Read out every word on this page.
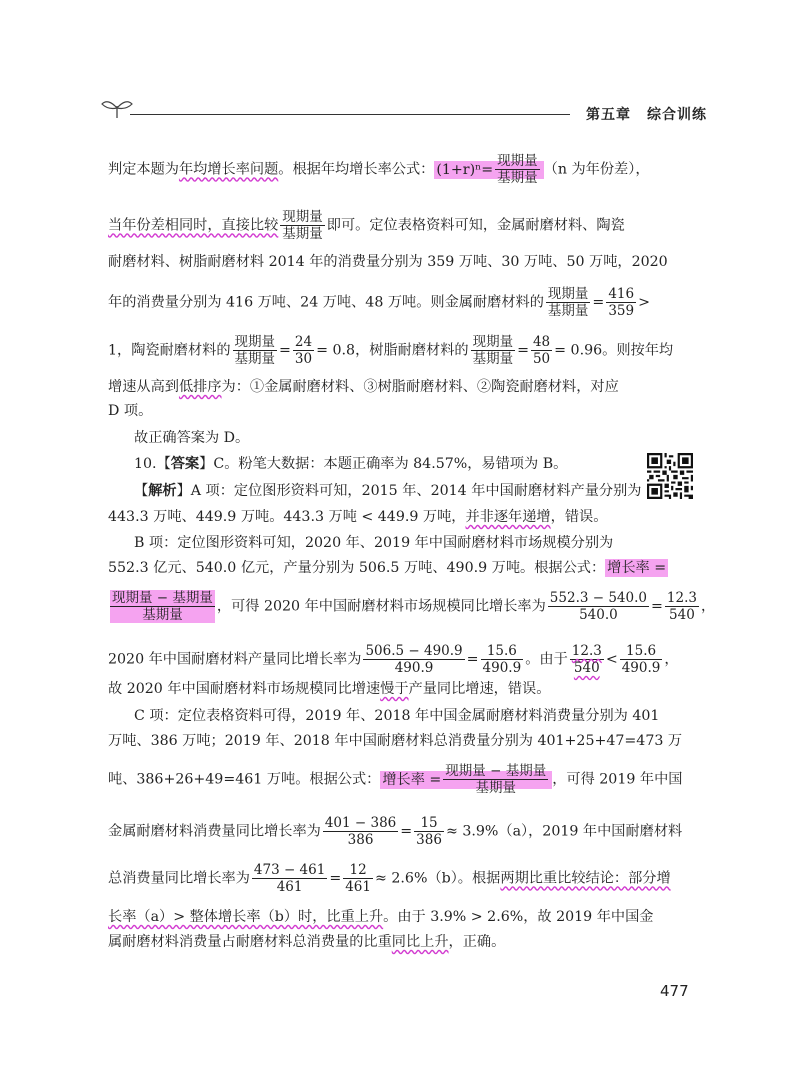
第五章 综合训练
判定本题为年均增长率问题。根据年均增长率公式： $(1+r)^n= \frac{\text{现期量}}{\text{基期量}} (n$ 为年份差），
当年份差相同时，直接比较 $\frac{\text{现期量}}{\text{基期量}}$ 即可。定位表格资料可知，金属耐磨材料、陶瓷
耐磨材料、树脂耐磨材料 2014 年的消费量分别为 359 万吨、30 万吨、50 万吨，2020
年的消费量分别为 416 万吨、24 万吨、48 万吨。则金属耐磨材料的 $\frac{\text{现期量}}{\text{基期量}} = \frac{416}{359}$ >
1，陶瓷耐磨材料的 $\frac{\text{现期量}}{\text{基期量}} = \frac{24}{30} = 0.8$，树脂耐磨材料的 $\frac{\text{现期量}}{\text{基期量}} = \frac{48}{50} = 0.96$。则按年均
增速从高到低排序为：①金属耐磨材料、③树脂耐磨材料、②陶瓷耐磨材料，对应
D 项。
故正确答案为 D。
10.【答案】C。粉笔大数据：本题正确率为 84.57%，易错项为 B。
【解析】A 项：定位图形资料可知，2015 年、2014 年中国耐磨材料产量分别为
443.3 万吨、449.9 万吨。443.3 万吨 < 449.9 万吨，并非逐年递增，错误。
B 项：定位图形资料可知，2020 年、2019 年中国耐磨材料市场规模分别为
552.3 亿元、540.0 亿元，产量分别为 506.5 万吨、490.9 万吨。根据公式： 增长率 =
$\frac{\text{现期量 − 基期量}}{\text{基期量}}$ ，可得 2020 年中国耐磨材料市场规模同比增长率为 $\frac{552.3 - 540.0}{540.0} = \frac{12.3}{540}$ ，
2020 年中国耐磨材料产量同比增长率为 $\frac{506.5 - 490.9}{490.9} = \frac{15.6}{490.9}$ 。由于 $\frac{12.3}{540} < \frac{15.6}{490.9}$ ，
故 2020 年中国耐磨材料市场规模同比增速慢于产量同比增速，错误。
C 项：定位表格资料可得，2019 年、2018 年中国金属耐磨材料消费量分别为 401
万吨、386 万吨；2019 年、2018 年中国耐磨材料总消费量分别为 401+25+47=473 万
吨、386+26+49=461 万吨。根据公式： 增长率 = $\frac{\text{现期量 − 基期量}}{\text{基期量}}$ ，可得 2019 年中国
金属耐磨材料消费量同比增长率为 $\frac{401 - 386}{386} = \frac{15}{386} \approx 3.9\%(a)$，2019 年中国耐磨材料
总消费量同比增长率为 $\frac{473 - 461}{461} = \frac{12}{461} \approx 2.6\%(b)$。根据两期比重比较结论：部分增
长率（a）> 整体增长率（b）时，比重上升。由于 3.9% > 2.6%，故 2019 年中国金
属耐磨材料消费量占耐磨材料总消费量的比重同比上升，正确。
477
